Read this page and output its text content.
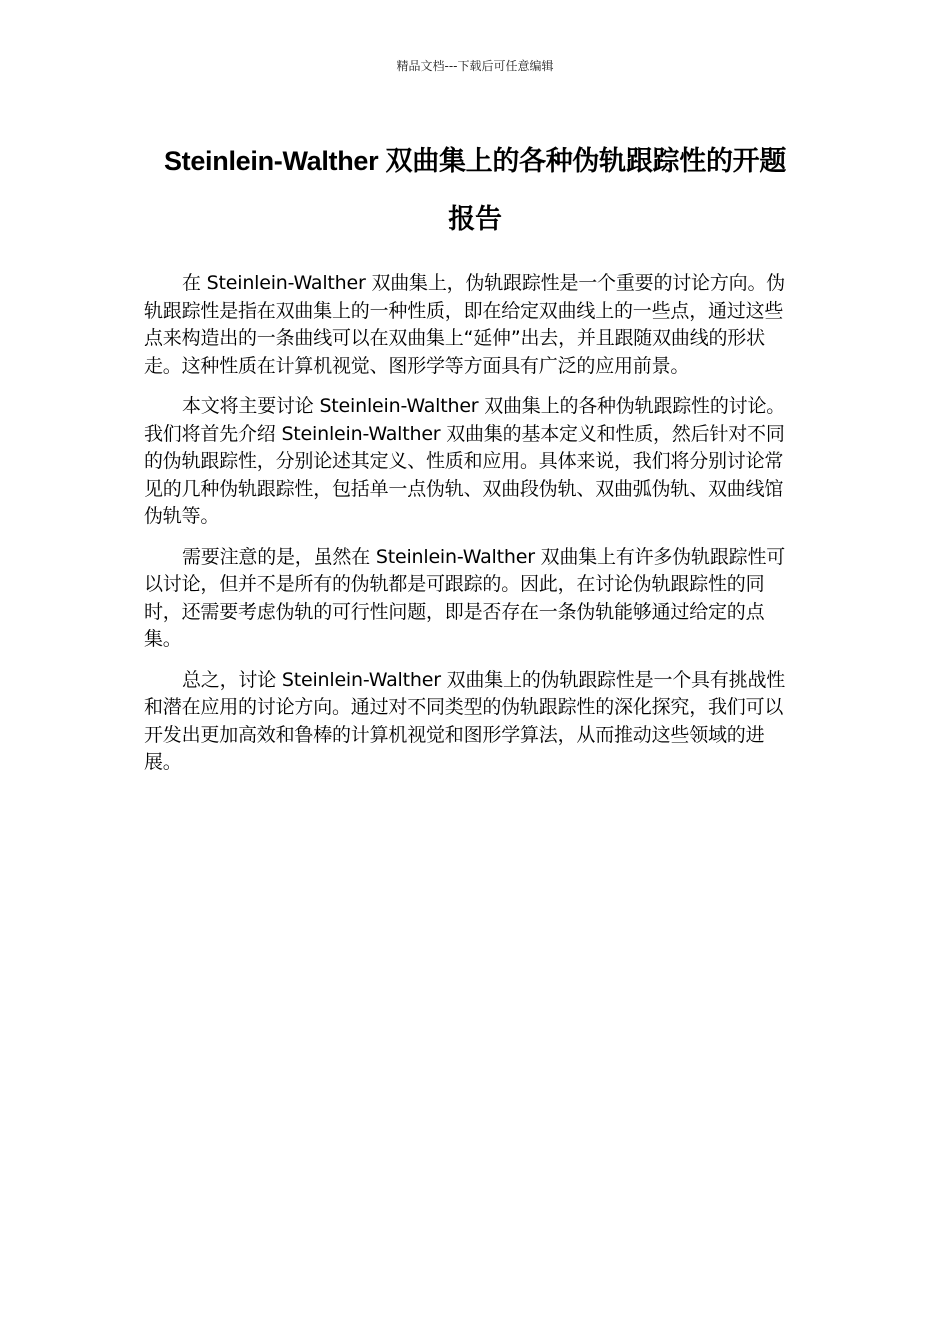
精品文档---下载后可任意编辑
Steinlein-Walther 双曲集上的各种伪轨跟踪性的开题
报告

在 Steinlein-Walther 双曲集上，伪轨跟踪性是一个重要的讨论方向。伪轨跟踪性是指在双曲集上的一种性质，即在给定双曲线上的一些点，通过这些点来构造出的一条曲线可以在双曲集上“延伸”出去，并且跟随双曲线的形状走。这种性质在计算机视觉、图形学等方面具有广泛的应用前景。

本文将主要讨论 Steinlein-Walther 双曲集上的各种伪轨跟踪性的讨论。我们将首先介绍 Steinlein-Walther 双曲集的基本定义和性质，然后针对不同的伪轨跟踪性，分别论述其定义、性质和应用。具体来说，我们将分别讨论常见的几种伪轨跟踪性，包括单一点伪轨、双曲段伪轨、双曲弧伪轨、双曲线馆伪轨等。

需要注意的是，虽然在 Steinlein-Walther 双曲集上有许多伪轨跟踪性可以讨论，但并不是所有的伪轨都是可跟踪的。因此，在讨论伪轨跟踪性的同时，还需要考虑伪轨的可行性问题，即是否存在一条伪轨能够通过给定的点集。

总之，讨论 Steinlein-Walther 双曲集上的伪轨跟踪性是一个具有挑战性和潜在应用的讨论方向。通过对不同类型的伪轨跟踪性的深化探究，我们可以开发出更加高效和鲁棒的计算机视觉和图形学算法，从而推动这些领域的进展。
